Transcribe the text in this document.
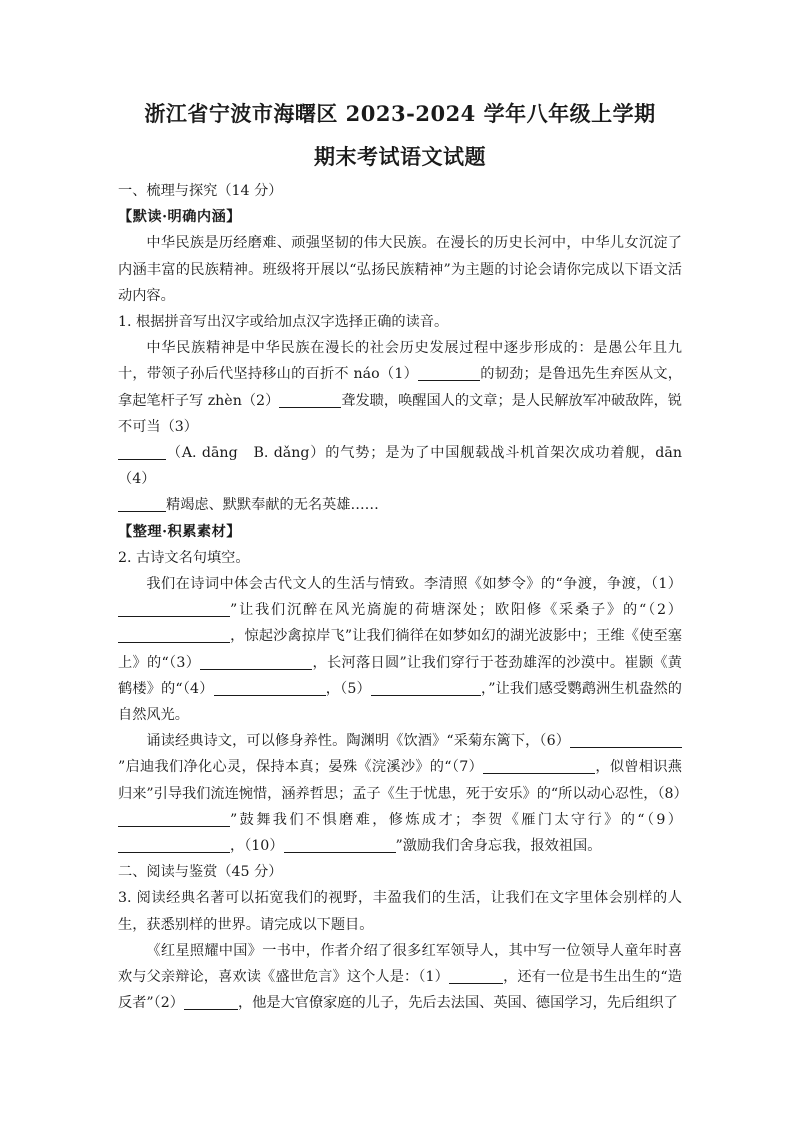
浙江省宁波市海曙区 2023-2024 学年八年级上学期
期末考试语文试题

一、梳理与探究（14 分）

【默读·明确内涵】

中华民族是历经磨难、顽强坚韧的伟大民族。在漫长的历史长河中，中华儿女沉淀了内涵丰富的民族精神。班级将开展以“弘扬民族精神”为主题的讨论会请你完成以下语文活动内容。

1. 根据拼音写出汉字或给加点汉字选择正确的读音。

中华民族精神是中华民族在漫长的社会历史发展过程中逐步形成的：是愚公年且九十，带领子孙后代坚持移山的百折不 náo（1）	的韧劲；是鲁迅先生弃医从文，拿起笔杆子写 zhèn（2）	聋发聩，唤醒国人的文章；是人民解放军冲破敌阵，锐不可当（3）

（A. dāng　B. dǎng）的气势；是为了中国舰载战斗机首架次成功着舰，dān（4）
精竭虑、默默奉献的无名英雄……

【整理·积累素材】

2. 古诗文名句填空。

我们在诗词中体会古代文人的生活与情致。李清照《如梦令》的“争渡，争渡，（1）”让我们沉醉在风光旖旎的荷塘深处；欧阳修《采桑子》的“（2），惊起沙禽掠岸飞”让我们徜徉在如梦如幻的湖光波影中；王维《使至塞上》的“（3）	，长河落日圆”让我们穿行于苍劲雄浑的沙漠中。崔颢《黄鹤楼》的“（4）	，（5）	，”让我们感受鹦鹉洲生机盎然的自然风光。

诵读经典诗文，可以修身养性。陶渊明《饮酒》“采菊东篱下，（6）”启迪我们净化心灵，保持本真；晏殊《浣溪沙》的“（7）	，似曾相识燕归来”引导我们流连惋惜，涵养哲思；孟子《生于忧患，死于安乐》的“所以动心忍性，（8）”鼓舞我们不惧磨难，修炼成才；李贺《雁门太守行》的“（9），（10）	”激励我们舍身忘我，报效祖国。

二、阅读与鉴赏（45 分）

3. 阅读经典名著可以拓宽我们的视野，丰盈我们的生活，让我们在文字里体会别样的人生，获悉别样的世界。请完成以下题目。

《红星照耀中国》一书中，作者介绍了很多红军领导人，其中写一位领导人童年时喜欢与父亲辩论，喜欢读《盛世危言》这个人是：（1）	，还有一位是书生出生的“造反者”（2）	，他是大官僚家庭的儿子，先后去法国、英国、德国学习，先后组织了
